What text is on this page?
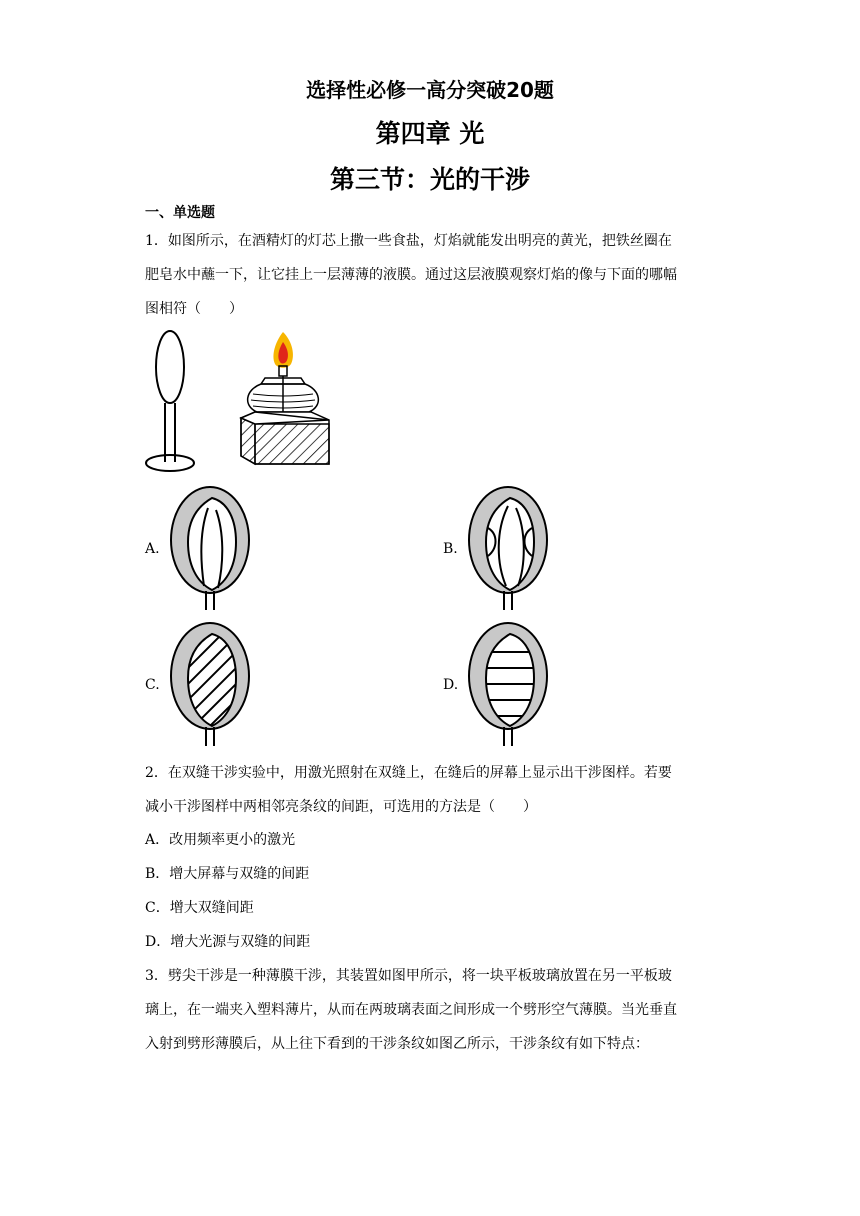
选择性必修一高分突破20题
第四章 光
第三节：光的干涉
一、单选题
1．如图所示，在酒精灯的灯芯上撒一些食盐，灯焰就能发出明亮的黄光，把铁丝圈在
肥皂水中蘸一下，让它挂上一层薄薄的液膜。通过这层液膜观察灯焰的像与下面的哪幅
图相符（　　）
A.	B.
C.	D.
2．在双缝干涉实验中，用激光照射在双缝上，在缝后的屏幕上显示出干涉图样。若要
减小干涉图样中两相邻亮条纹的间距，可选用的方法是（　　）
A．改用频率更小的激光
B．增大屏幕与双缝的间距
C．增大双缝间距
D．增大光源与双缝的间距
3．劈尖干涉是一种薄膜干涉，其装置如图甲所示，将一块平板玻璃放置在另一平板玻
璃上，在一端夹入塑料薄片，从而在两玻璃表面之间形成一个劈形空气薄膜。当光垂直
入射到劈形薄膜后，从上往下看到的干涉条纹如图乙所示，干涉条纹有如下特点：
